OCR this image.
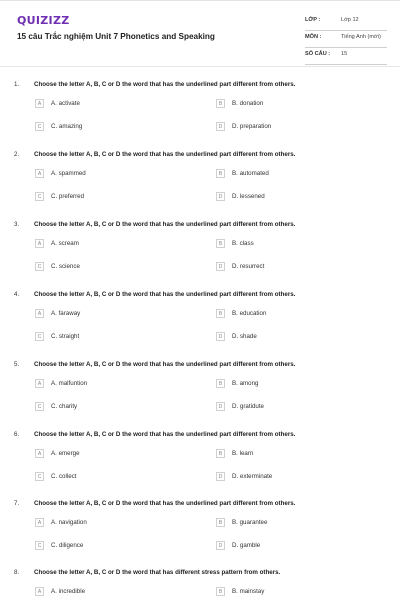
QUIZIZZ
15 câu Trắc nghiệm Unit 7 Phonetics and Speaking
LỚP :	Lớp 12
MÔN :	Tiếng Anh (mới)
SỐ CÂU : 15
1. Choose the letter A, B, C or D the word that has the underlined part different from others.
A	A. activate	B	B. donation
C	C. amazing	D	D. preparation
2. Choose the letter A, B, C or D the word that has the underlined part different from others.
A	A. spammed	B	B. automated
C	C. preferred	D	D. lessened
3. Choose the letter A, B, C or D the word that has the underlined part different from others.
A	A. scream	B	B. class
C	C. science	D	D. resurrect
4. Choose the letter A, B, C or D the word that has the underlined part different from others.
A	A. faraway	B	B. education
C	C. straight	D	D. shade
5. Choose the letter A, B, C or D the word that has the underlined part different from others.
A	A. malfuntion	B	B. among
C	C. charity	D	D. gratidute
6. Choose the letter A, B, C or D the word that has the underlined part different from others.
A	A. emerge	B	B. learn
C	C. collect	D	D. exterminate
7. Choose the letter A, B, C or D the word that has the underlined part different from others.
A	A. navigation	B	B. guarantee
C	C. diligence	D	D. gamble
8. Choose the letter A, B, C or D the word that has different stress pattern from others.
A	A. incredible	B	B. mainstay
